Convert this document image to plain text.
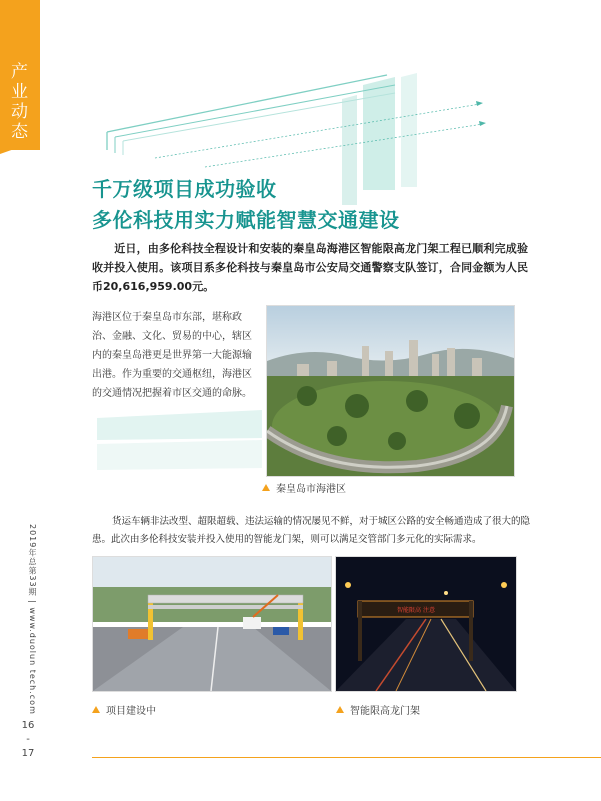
产业动态
2019年总第33期 | www.duolun tech.com
16
-
17
千万级项目成功验收
多伦科技用实力赋能智慧交通建设
近日，由多伦科技全程设计和安装的秦皇岛海港区智能限高龙门架工程已顺利完成验收并投入使用。该项目系多伦科技与秦皇岛市公安局交通警察支队签订，合同金额为人民币20,616,959.00元。
海港区位于秦皇岛市东部，堪称政治、金融、文化、贸易的中心，辖区内的秦皇岛港更是世界第一大能源输出港。作为重要的交通枢纽，海港区的交通情况把握着市区交通的命脉。
秦皇岛市海港区
货运车辆非法改型、超限超载、违法运输的情况屡见不鲜，对于城区公路的安全畅通造成了很大的隐患。此次由多伦科技安装并投入使用的智能龙门架，则可以满足交管部门多元化的实际需求。
项目建设中
智能限高 注意
智能限高龙门架
